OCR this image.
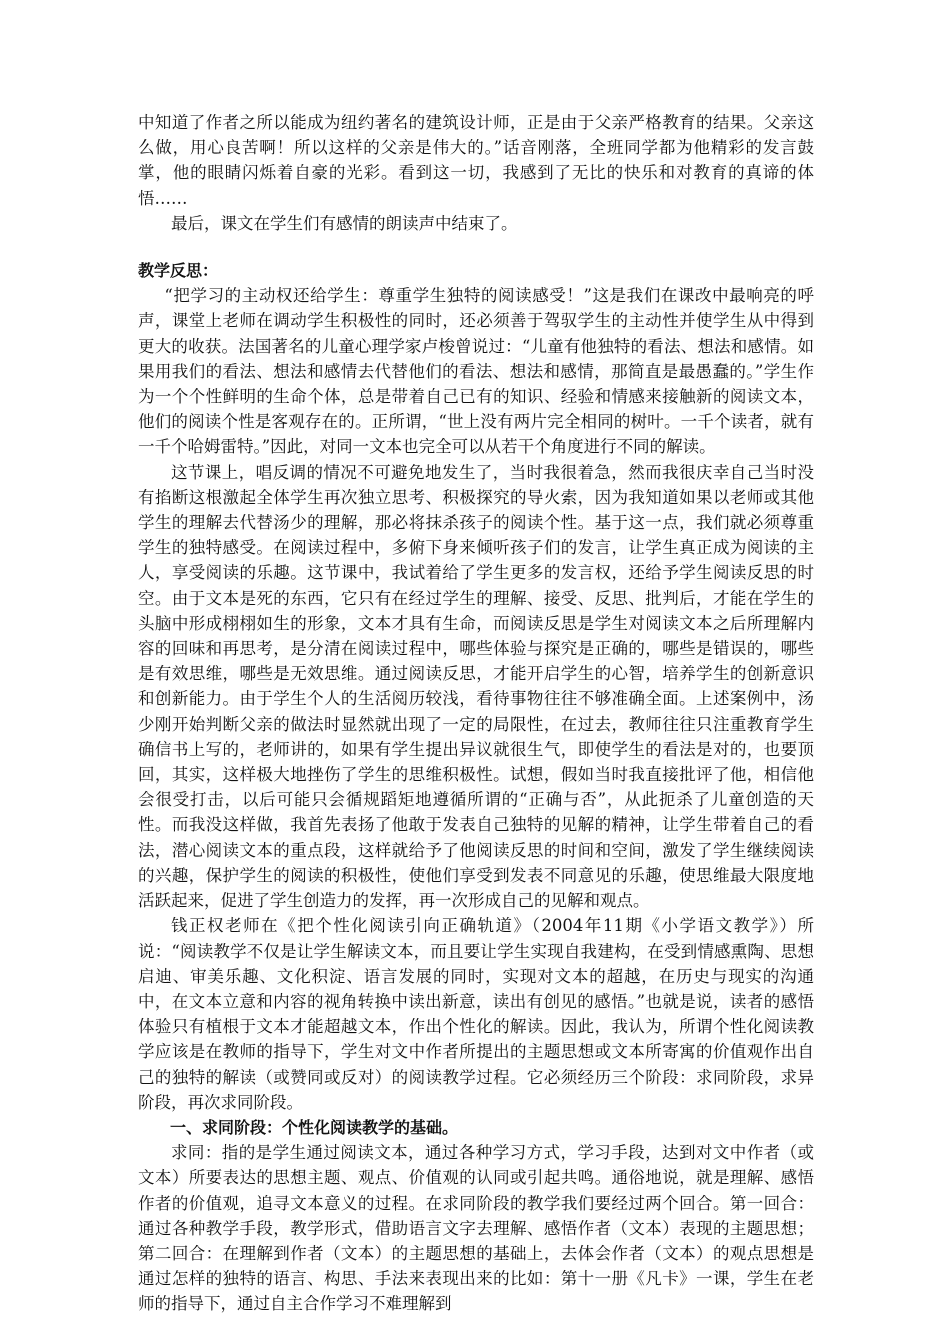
中知道了作者之所以能成为纽约著名的建筑设计师，正是由于父亲严格教育的结果。父亲这么做，用心良苦啊！所以这样的父亲是伟大的。”话音刚落，全班同学都为他精彩的发言鼓掌，他的眼睛闪烁着自豪的光彩。看到这一切，我感到了无比的快乐和对教育的真谛的体悟……

最后，课文在学生们有感情的朗读声中结束了。

教学反思：

“把学习的主动权还给学生：尊重学生独特的阅读感受！”这是我们在课改中最响亮的呼声，课堂上老师在调动学生积极性的同时，还必须善于驾驭学生的主动性并使学生从中得到更大的收获。法国著名的儿童心理学家卢梭曾说过：“儿童有他独特的看法、想法和感情。如果用我们的看法、想法和感情去代替他们的看法、想法和感情，那简直是最愚蠢的。”学生作为一个个性鲜明的生命个体，总是带着自己已有的知识、经验和情感来接触新的阅读文本，他们的阅读个性是客观存在的。正所谓，“世上没有两片完全相同的树叶。一千个读者，就有一千个哈姆雷特。”因此，对同一文本也完全可以从若干个角度进行不同的解读。

这节课上，唱反调的情况不可避免地发生了，当时我很着急，然而我很庆幸自己当时没有掐断这根激起全体学生再次独立思考、积极探究的导火索，因为我知道如果以老师或其他学生的理解去代替汤少的理解，那必将抹杀孩子的阅读个性。基于这一点，我们就必须尊重学生的独特感受。在阅读过程中，多俯下身来倾听孩子们的发言，让学生真正成为阅读的主人，享受阅读的乐趣。这节课中，我试着给了学生更多的发言权，还给予学生阅读反思的时空。由于文本是死的东西，它只有在经过学生的理解、接受、反思、批判后，才能在学生的头脑中形成栩栩如生的形象，文本才具有生命，而阅读反思是学生对阅读文本之后所理解内容的回味和再思考，是分清在阅读过程中，哪些体验与探究是正确的，哪些是错误的，哪些是有效思维，哪些是无效思维。通过阅读反思，才能开启学生的心智，培养学生的创新意识和创新能力。由于学生个人的生活阅历较浅，看待事物往往不够准确全面。上述案例中，汤少刚开始判断父亲的做法时显然就出现了一定的局限性，在过去，教师往往只注重教育学生确信书上写的，老师讲的，如果有学生提出异议就很生气，即使学生的看法是对的，也要顶回，其实，这样极大地挫伤了学生的思维积极性。试想，假如当时我直接批评了他，相信他会很受打击，以后可能只会循规蹈矩地遵循所谓的“正确与否”，从此扼杀了儿童创造的天性。而我没这样做，我首先表扬了他敢于发表自己独特的见解的精神，让学生带着自己的看法，潜心阅读文本的重点段，这样就给予了他阅读反思的时间和空间，激发了学生继续阅读的兴趣，保护学生的阅读的积极性，使他们享受到发表不同意见的乐趣，使思维最大限度地活跃起来，促进了学生创造力的发挥，再一次形成自己的见解和观点。

钱正权老师在《把个性化阅读引向正确轨道》（2004年11期《小学语文教学》）所说：“阅读教学不仅是让学生解读文本，而且要让学生实现自我建构，在受到情感熏陶、思想启迪、审美乐趣、文化积淀、语言发展的同时，实现对文本的超越，在历史与现实的沟通中，在文本立意和内容的视角转换中读出新意，读出有创见的感悟。”也就是说，读者的感悟体验只有植根于文本才能超越文本，作出个性化的解读。因此，我认为，所谓个性化阅读教学应该是在教师的指导下，学生对文中作者所提出的主题思想或文本所寄寓的价值观作出自己的独特的解读（或赞同或反对）的阅读教学过程。它必须经历三个阶段：求同阶段，求异阶段，再次求同阶段。

一、求同阶段：个性化阅读教学的基础。

求同：指的是学生通过阅读文本，通过各种学习方式，学习手段，达到对文中作者（或文本）所要表达的思想主题、观点、价值观的认同或引起共鸣。通俗地说，就是理解、感悟作者的价值观，追寻文本意义的过程。在求同阶段的教学我们要经过两个回合。第一回合：通过各种教学手段，教学形式，借助语言文字去理解、感悟作者（文本）表现的主题思想；第二回合：在理解到作者（文本）的主题思想的基础上，去体会作者（文本）的观点思想是通过怎样的独特的语言、构思、手法来表现出来的比如：第十一册《凡卡》一课，学生在老师的指导下，通过自主合作学习不难理解到
